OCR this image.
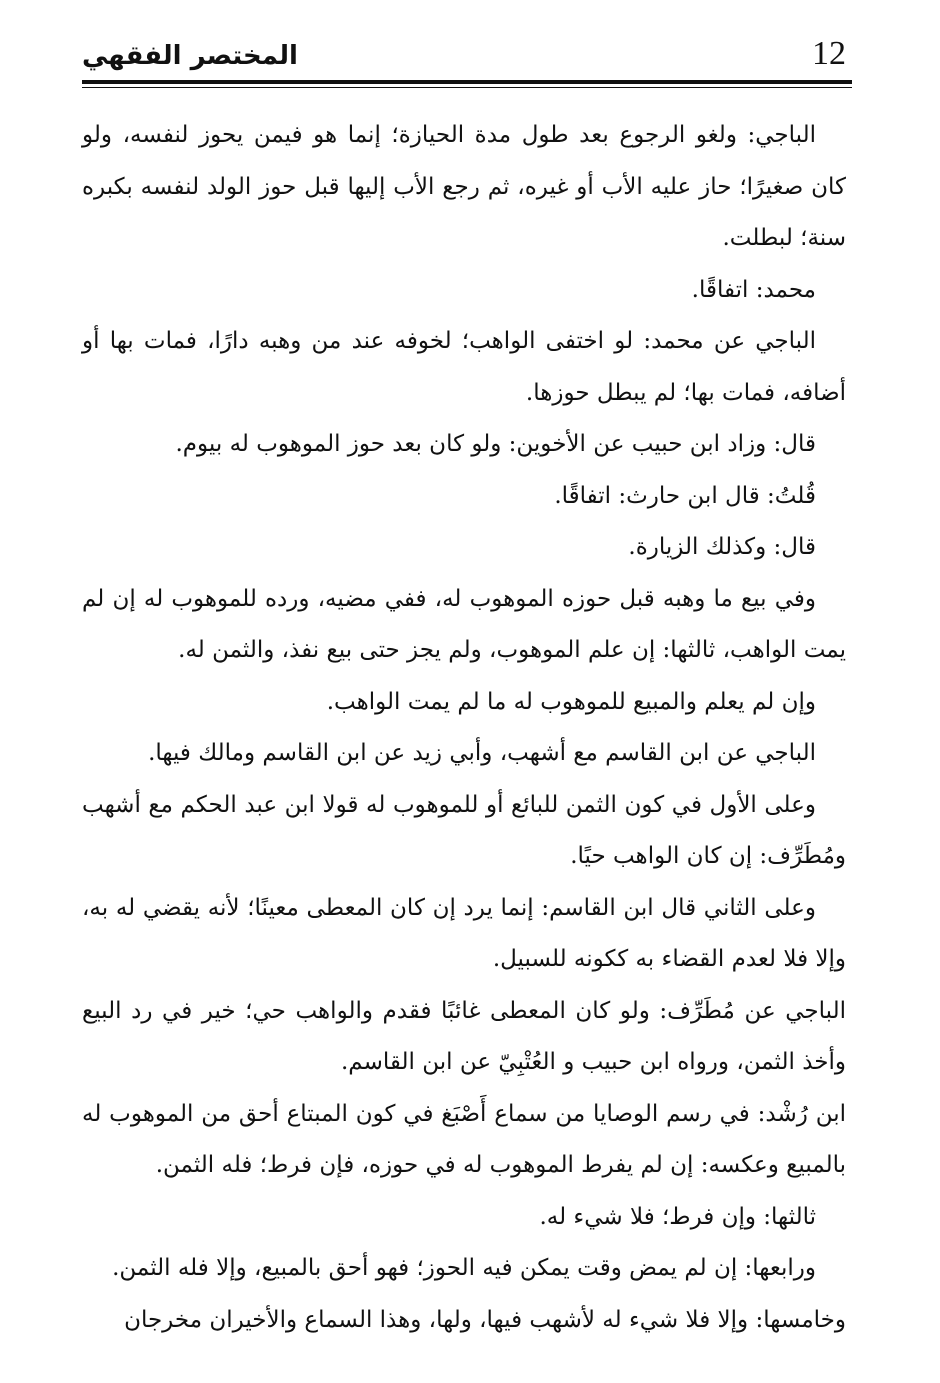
المختصر الفقهي	12

الباجي: ولغو الرجوع بعد طول مدة الحيازة؛ إنما هو فيمن يحوز لنفسه، ولو كان صغيرًا؛ حاز عليه الأب أو غيره، ثم رجع الأب إليها قبل حوز الولد لنفسه بكبره سنة؛ لبطلت.

محمد: اتفاقًا.

الباجي عن محمد: لو اختفى الواهب؛ لخوفه عند من وهبه دارًا، فمات بها أو أضافه، فمات بها؛ لم يبطل حوزها.

قال: وزاد ابن حبيب عن الأخوين: ولو كان بعد حوز الموهوب له بيوم.

قُلتُ: قال ابن حارث: اتفاقًا.

قال: وكذلك الزيارة.

وفي بيع ما وهبه قبل حوزه الموهوب له، ففي مضيه، ورده للموهوب له إن لم يمت الواهب، ثالثها: إن علم الموهوب، ولم يجز حتى بيع نفذ، والثمن له.

وإن لم يعلم والمبيع للموهوب له ما لم يمت الواهب.

الباجي عن ابن القاسم مع أشهب، وأبي زيد عن ابن القاسم ومالك فيها.

وعلى الأول في كون الثمن للبائع أو للموهوب له قولا ابن عبد الحكم مع أشهب ومُطَرِّف: إن كان الواهب حيًا.

وعلى الثاني قال ابن القاسم: إنما يرد إن كان المعطى معينًا؛ لأنه يقضي له به، وإلا فلا لعدم القضاء به ككونه للسبيل.

الباجي عن مُطَرِّف: ولو كان المعطى غائبًا فقدم والواهب حي؛ خير في رد البيع وأخذ الثمن، ورواه ابن حبيب و العُتْبِيّ عن ابن القاسم.

ابن رُشْد: في رسم الوصايا من سماع أَصْبَغ في كون المبتاع أحق من الموهوب له بالمبيع وعكسه: إن لم يفرط الموهوب له في حوزه، فإن فرط؛ فله الثمن.

ثالثها: وإن فرط؛ فلا شيء له.

ورابعها: إن لم يمض وقت يمكن فيه الحوز؛ فهو أحق بالمبيع، وإلا فله الثمن.

وخامسها: وإلا فلا شيء له لأشهب فيها، ولها، وهذا السماع والأخيران مخرجان
